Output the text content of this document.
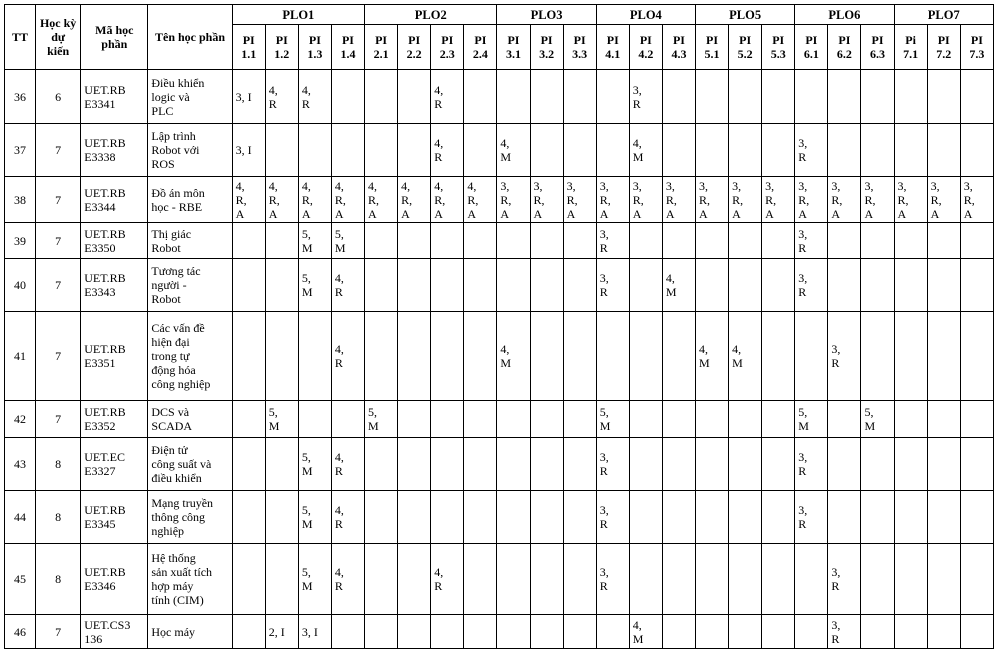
TT	Học kỳ dự kiến	Mã học phần	Tên học phần	PLO1				PLO2				PLO3			PLO4			PLO5			PLO6			PLO7		

				PI
1.1	PI
1.2	PI
1.3	PI
1.4	PI
2.1	PI
2.2	PI
2.3	PI
2.4	PI
3.1	PI
3.2	PI
3.3	PI
4.1	PI
4.2	PI
4.3	PI
5.1	PI
5.2	PI
5.3	PI
6.1	PI
6.2	PI
6.3	Pi
7.1	PI
7.2	PI
7.3

36	6	UET.RB
E3341	Điều khiển
logic và
PLC	3, I	4,
R	4,
R				4,
R						3,
R										
37	7	UET.RB
E3338	Lập trình
Robot với
ROS	3, I						4,
R		4,
M				4,
M					3,
R					
38	7	UET.RB
E3344	Đồ án môn
học - RBE	4,
R,
A	4,
R,
A	4,
R,
A	4,
R,
A	4,
R,
A	4,
R,
A	4,
R,
A	4,
R,
A	3,
R,
A	3,
R,
A	3,
R,
A	3,
R,
A	3,
R,
A	3,
R,
A	3,
R,
A	3,
R,
A	3,
R,
A	3,
R,
A	3,
R,
A	3,
R,
A	3,
R,
A	3,
R,
A	3,
R,
A
39	7	UET.RB
E3350	Thị giác
Robot			5,
M	5,
M								3,
R						3,
R					
40	7	UET.RB
E3343	Tương tác
người -
Robot			5,
M	4,
R								3,
R		4,
M				3,
R					
41	7	UET.RB
E3351	Các vấn đề
hiện đại
trong tự
động hóa
công nghiệp				4,
R					4,
M						4,
M	4,
M			3,
R				
42	7	UET.RB
E3352	DCS và
SCADA		5,
M			5,
M							5,
M						5,
M		5,
M			
43	8	UET.EC
E3327	Điện tử
công suất và
điều khiển			5,
M	4,
R								3,
R						3,
R					
44	8	UET.RB
E3345	Mạng truyền
thông công
nghiệp			5,
M	4,
R								3,
R						3,
R					
45	8	UET.RB
E3346	Hệ thống
sản xuất tích
hợp máy
tính (CIM)			5,
M	4,
R			4,
R					3,
R							3,
R				
46	7	UET.CS3
136	Học máy		2, I	3, I										4,
M						3,
R				
